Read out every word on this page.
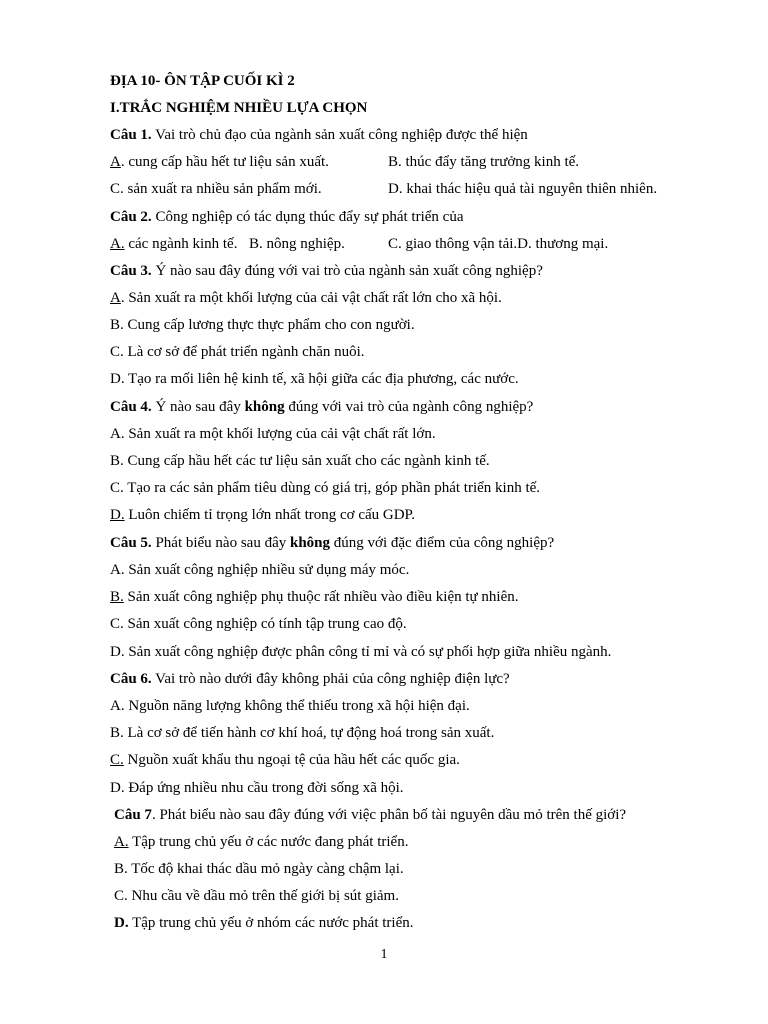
ĐỊA 10- ÔN TẬP CUỐI KÌ 2
I.TRẮC NGHIỆM NHIỀU LỰA CHỌN
Câu 1. Vai trò chủ đạo của ngành sản xuất công nghiệp được thể hiện
A. cung cấp hầu hết tư liệu sản xuất.	B. thúc đẩy tăng trưởng kinh tế.
C. sản xuất ra nhiều sản phẩm mới.	D. khai thác hiệu quả tài nguyên thiên nhiên.
Câu 2. Công nghiệp có tác dụng thúc đẩy sự phát triển của
A. các ngành kinh tế. B. nông nghiệp.	C. giao thông vận tải.D. thương mại.
Câu 3. Ý nào sau đây đúng với vai trò của ngành sản xuất công nghiệp?
A. Sản xuất ra một khối lượng của cải vật chất rất lớn cho xã hội.
B. Cung cấp lương thực thực phẩm cho con người.
C. Là cơ sở để phát triển ngành chăn nuôi.
D. Tạo ra mối liên hệ kinh tế, xã hội giữa các địa phương, các nước.
Câu 4. Ý nào sau đây không đúng với vai trò của ngành công nghiệp?
A. Sản xuất ra một khối lượng của cải vật chất rất lớn.
B. Cung cấp hầu hết các tư liệu sản xuất cho các ngành kinh tế.
C. Tạo ra các sản phẩm tiêu dùng có giá trị, góp phần phát triển kinh tế.
D. Luôn chiếm tỉ trọng lớn nhất trong cơ cấu GDP.
Câu 5. Phát biểu nào sau đây không đúng với đặc điểm của công nghiệp?
A. Sản xuất công nghiệp nhiều sử dụng máy móc.
B. Sản xuất công nghiệp phụ thuộc rất nhiều vào điều kiện tự nhiên.
C. Sản xuất công nghiệp có tính tập trung cao độ.
D. Sản xuất công nghiệp được phân công tỉ mỉ và có sự phối hợp giữa nhiều ngành.
Câu 6. Vai trò nào dưới đây không phải của công nghiệp điện lực?
A. Nguồn năng lượng không thể thiếu trong xã hội hiện đại.
B. Là cơ sở để tiến hành cơ khí hoá, tự động hoá trong sản xuất.
C. Nguồn xuất khẩu thu ngoại tệ của hầu hết các quốc gia.
D. Đáp ứng nhiều nhu cầu trong đời sống xã hội.
Câu 7. Phát biểu nào sau đây đúng với việc phân bố tài nguyên dầu mỏ trên thế giới?
A. Tập trung chủ yếu ở các nước đang phát triển.
B. Tốc độ khai thác dầu mỏ ngày càng chậm lại.
C. Nhu cầu về dầu mỏ trên thế giới bị sút giảm.
D. Tập trung chủ yếu ở nhóm các nước phát triển.
1
